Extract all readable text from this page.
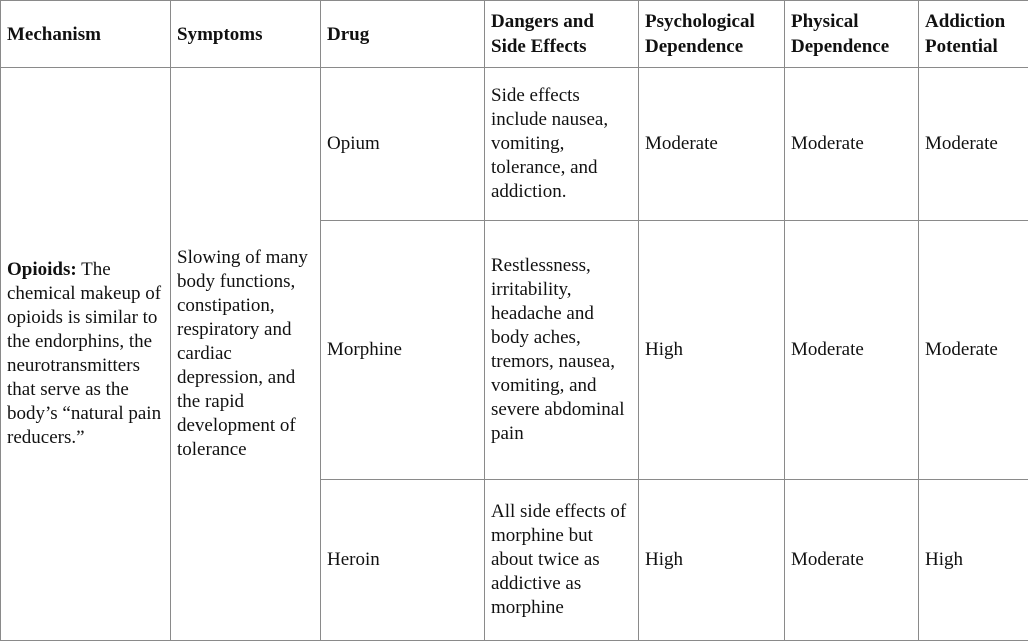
Mechanism	Symptoms	Drug	Dangers and Side Effects	Psychological Dependence	Physical Dependence	Addiction Potential
Opioids: The chemical makeup of opioids is similar to the endorphins, the neurotransmitters that serve as the body’s “natural pain reducers.”	Slowing of many body functions, constipation, respiratory and cardiac depression, and the rapid development of tolerance	Opium	Side effects include nausea, vomiting, tolerance, and addiction.	Moderate	Moderate	Moderate
		Morphine	Restlessness, irritability, headache and body aches, tremors, nausea, vomiting, and severe abdominal pain	High	Moderate	Moderate
		Heroin	All side effects of morphine but about twice as addictive as morphine	High	Moderate	High
